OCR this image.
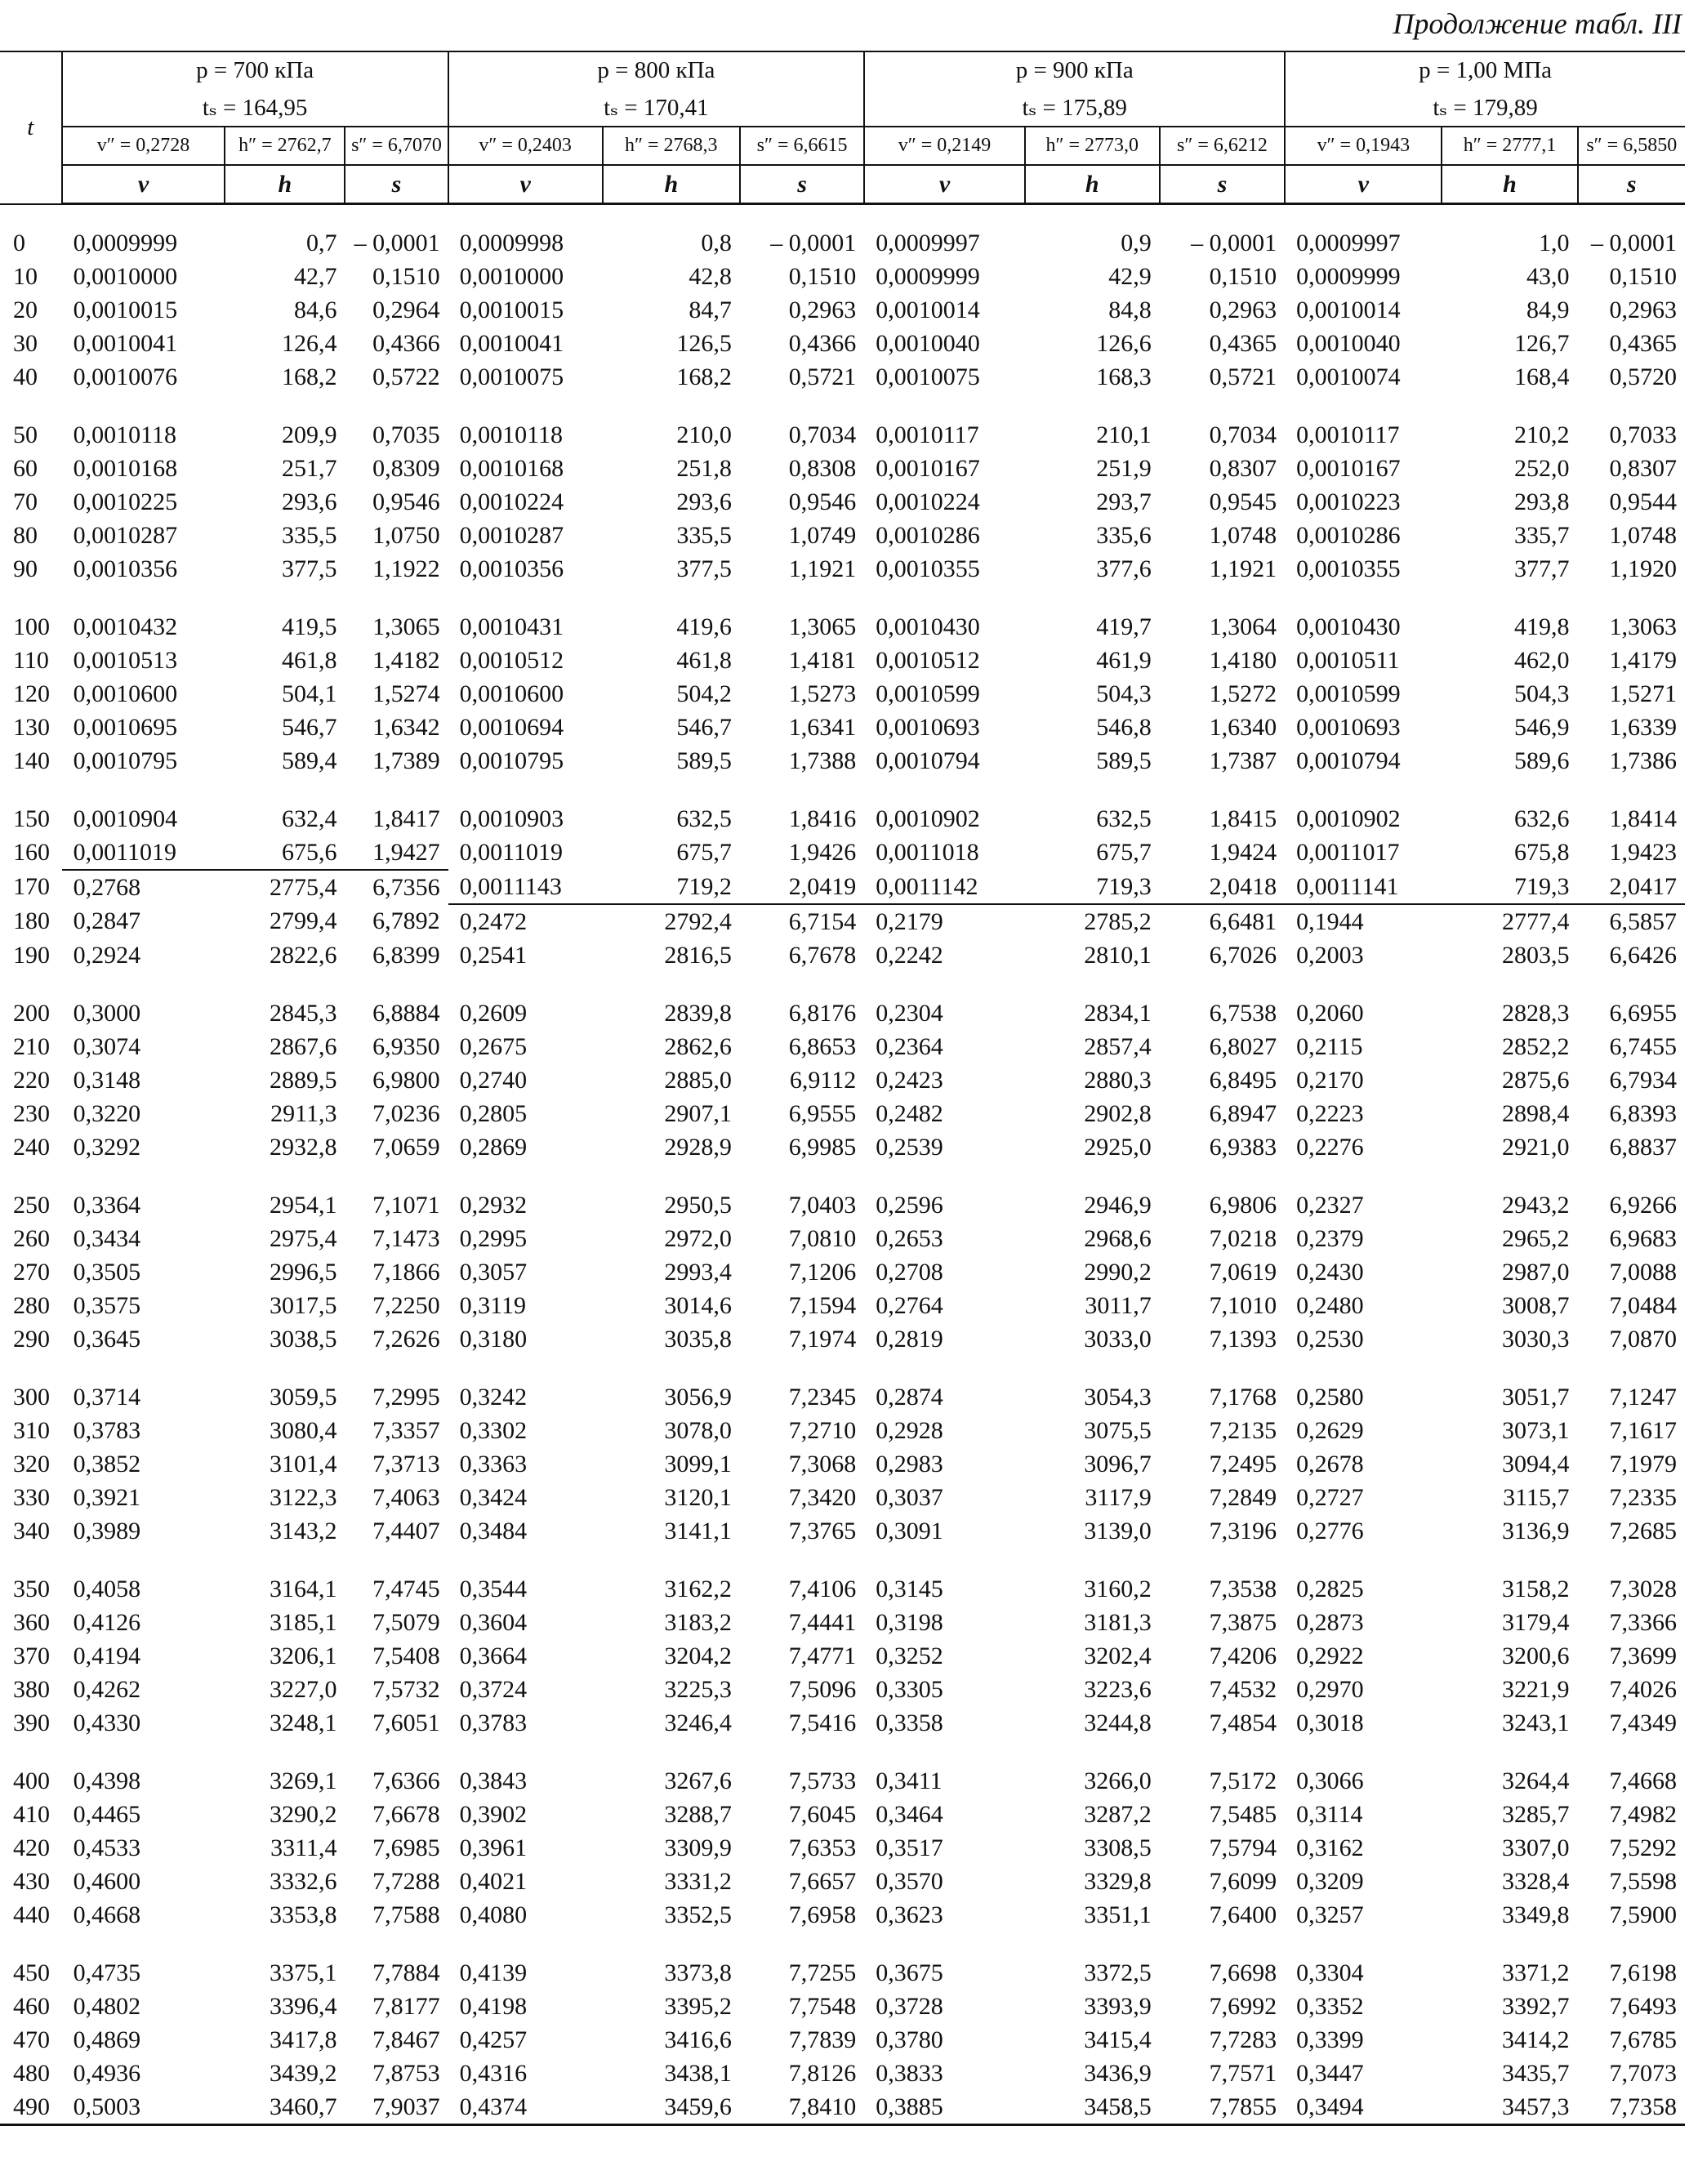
Продолжение табл. III
t	p = 700 кПа			p = 800 кПа			p = 900 кПа			p = 1,00 МПа		
	tₛ = 164,95			tₛ = 170,41			tₛ = 175,89			tₛ = 179,89		
	v″ = 0,2728	h″ = 2762,7	s″ = 6,7070	v″ = 0,2403	h″ = 2768,3	s″ = 6,6615	v″ = 0,2149	h″ = 2773,0	s″ = 6,6212	v″ = 0,1943	h″ = 2777,1	s″ = 6,5850
	v	h	s	v	h	s	v	h	s	v	h	s

0	0,0009999	0,7	– 0,0001	0,0009998	0,8	– 0,0001	0,0009997	0,9	– 0,0001	0,0009997	1,0	– 0,0001
10	0,0010000	42,7	0,1510	0,0010000	42,8	0,1510	0,0009999	42,9	0,1510	0,0009999	43,0	0,1510
20	0,0010015	84,6	0,2964	0,0010015	84,7	0,2963	0,0010014	84,8	0,2963	0,0010014	84,9	0,2963
30	0,0010041	126,4	0,4366	0,0010041	126,5	0,4366	0,0010040	126,6	0,4365	0,0010040	126,7	0,4365
40	0,0010076	168,2	0,5722	0,0010075	168,2	0,5721	0,0010075	168,3	0,5721	0,0010074	168,4	0,5720

50	0,0010118	209,9	0,7035	0,0010118	210,0	0,7034	0,0010117	210,1	0,7034	0,0010117	210,2	0,7033
60	0,0010168	251,7	0,8309	0,0010168	251,8	0,8308	0,0010167	251,9	0,8307	0,0010167	252,0	0,8307
70	0,0010225	293,6	0,9546	0,0010224	293,6	0,9546	0,0010224	293,7	0,9545	0,0010223	293,8	0,9544
80	0,0010287	335,5	1,0750	0,0010287	335,5	1,0749	0,0010286	335,6	1,0748	0,0010286	335,7	1,0748
90	0,0010356	377,5	1,1922	0,0010356	377,5	1,1921	0,0010355	377,6	1,1921	0,0010355	377,7	1,1920

100	0,0010432	419,5	1,3065	0,0010431	419,6	1,3065	0,0010430	419,7	1,3064	0,0010430	419,8	1,3063
110	0,0010513	461,8	1,4182	0,0010512	461,8	1,4181	0,0010512	461,9	1,4180	0,0010511	462,0	1,4179
120	0,0010600	504,1	1,5274	0,0010600	504,2	1,5273	0,0010599	504,3	1,5272	0,0010599	504,3	1,5271
130	0,0010695	546,7	1,6342	0,0010694	546,7	1,6341	0,0010693	546,8	1,6340	0,0010693	546,9	1,6339
140	0,0010795	589,4	1,7389	0,0010795	589,5	1,7388	0,0010794	589,5	1,7387	0,0010794	589,6	1,7386

150	0,0010904	632,4	1,8417	0,0010903	632,5	1,8416	0,0010902	632,5	1,8415	0,0010902	632,6	1,8414
160	0,0011019	675,6	1,9427	0,0011019	675,7	1,9426	0,0011018	675,7	1,9424	0,0011017	675,8	1,9423
170	0,2768	2775,4	6,7356	0,0011143	719,2	2,0419	0,0011142	719,3	2,0418	0,0011141	719,3	2,0417
180	0,2847	2799,4	6,7892	0,2472	2792,4	6,7154	0,2179	2785,2	6,6481	0,1944	2777,4	6,5857
190	0,2924	2822,6	6,8399	0,2541	2816,5	6,7678	0,2242	2810,1	6,7026	0,2003	2803,5	6,6426

200	0,3000	2845,3	6,8884	0,2609	2839,8	6,8176	0,2304	2834,1	6,7538	0,2060	2828,3	6,6955
210	0,3074	2867,6	6,9350	0,2675	2862,6	6,8653	0,2364	2857,4	6,8027	0,2115	2852,2	6,7455
220	0,3148	2889,5	6,9800	0,2740	2885,0	6,9112	0,2423	2880,3	6,8495	0,2170	2875,6	6,7934
230	0,3220	2911,3	7,0236	0,2805	2907,1	6,9555	0,2482	2902,8	6,8947	0,2223	2898,4	6,8393
240	0,3292	2932,8	7,0659	0,2869	2928,9	6,9985	0,2539	2925,0	6,9383	0,2276	2921,0	6,8837

250	0,3364	2954,1	7,1071	0,2932	2950,5	7,0403	0,2596	2946,9	6,9806	0,2327	2943,2	6,9266
260	0,3434	2975,4	7,1473	0,2995	2972,0	7,0810	0,2653	2968,6	7,0218	0,2379	2965,2	6,9683
270	0,3505	2996,5	7,1866	0,3057	2993,4	7,1206	0,2708	2990,2	7,0619	0,2430	2987,0	7,0088
280	0,3575	3017,5	7,2250	0,3119	3014,6	7,1594	0,2764	3011,7	7,1010	0,2480	3008,7	7,0484
290	0,3645	3038,5	7,2626	0,3180	3035,8	7,1974	0,2819	3033,0	7,1393	0,2530	3030,3	7,0870

300	0,3714	3059,5	7,2995	0,3242	3056,9	7,2345	0,2874	3054,3	7,1768	0,2580	3051,7	7,1247
310	0,3783	3080,4	7,3357	0,3302	3078,0	7,2710	0,2928	3075,5	7,2135	0,2629	3073,1	7,1617
320	0,3852	3101,4	7,3713	0,3363	3099,1	7,3068	0,2983	3096,7	7,2495	0,2678	3094,4	7,1979
330	0,3921	3122,3	7,4063	0,3424	3120,1	7,3420	0,3037	3117,9	7,2849	0,2727	3115,7	7,2335
340	0,3989	3143,2	7,4407	0,3484	3141,1	7,3765	0,3091	3139,0	7,3196	0,2776	3136,9	7,2685

350	0,4058	3164,1	7,4745	0,3544	3162,2	7,4106	0,3145	3160,2	7,3538	0,2825	3158,2	7,3028
360	0,4126	3185,1	7,5079	0,3604	3183,2	7,4441	0,3198	3181,3	7,3875	0,2873	3179,4	7,3366
370	0,4194	3206,1	7,5408	0,3664	3204,2	7,4771	0,3252	3202,4	7,4206	0,2922	3200,6	7,3699
380	0,4262	3227,0	7,5732	0,3724	3225,3	7,5096	0,3305	3223,6	7,4532	0,2970	3221,9	7,4026
390	0,4330	3248,1	7,6051	0,3783	3246,4	7,5416	0,3358	3244,8	7,4854	0,3018	3243,1	7,4349

400	0,4398	3269,1	7,6366	0,3843	3267,6	7,5733	0,3411	3266,0	7,5172	0,3066	3264,4	7,4668
410	0,4465	3290,2	7,6678	0,3902	3288,7	7,6045	0,3464	3287,2	7,5485	0,3114	3285,7	7,4982
420	0,4533	3311,4	7,6985	0,3961	3309,9	7,6353	0,3517	3308,5	7,5794	0,3162	3307,0	7,5292
430	0,4600	3332,6	7,7288	0,4021	3331,2	7,6657	0,3570	3329,8	7,6099	0,3209	3328,4	7,5598
440	0,4668	3353,8	7,7588	0,4080	3352,5	7,6958	0,3623	3351,1	7,6400	0,3257	3349,8	7,5900

450	0,4735	3375,1	7,7884	0,4139	3373,8	7,7255	0,3675	3372,5	7,6698	0,3304	3371,2	7,6198
460	0,4802	3396,4	7,8177	0,4198	3395,2	7,7548	0,3728	3393,9	7,6992	0,3352	3392,7	7,6493
470	0,4869	3417,8	7,8467	0,4257	3416,6	7,7839	0,3780	3415,4	7,7283	0,3399	3414,2	7,6785
480	0,4936	3439,2	7,8753	0,4316	3438,1	7,8126	0,3833	3436,9	7,7571	0,3447	3435,7	7,7073
490	0,5003	3460,7	7,9037	0,4374	3459,6	7,8410	0,3885	3458,5	7,7855	0,3494	3457,3	7,7358
